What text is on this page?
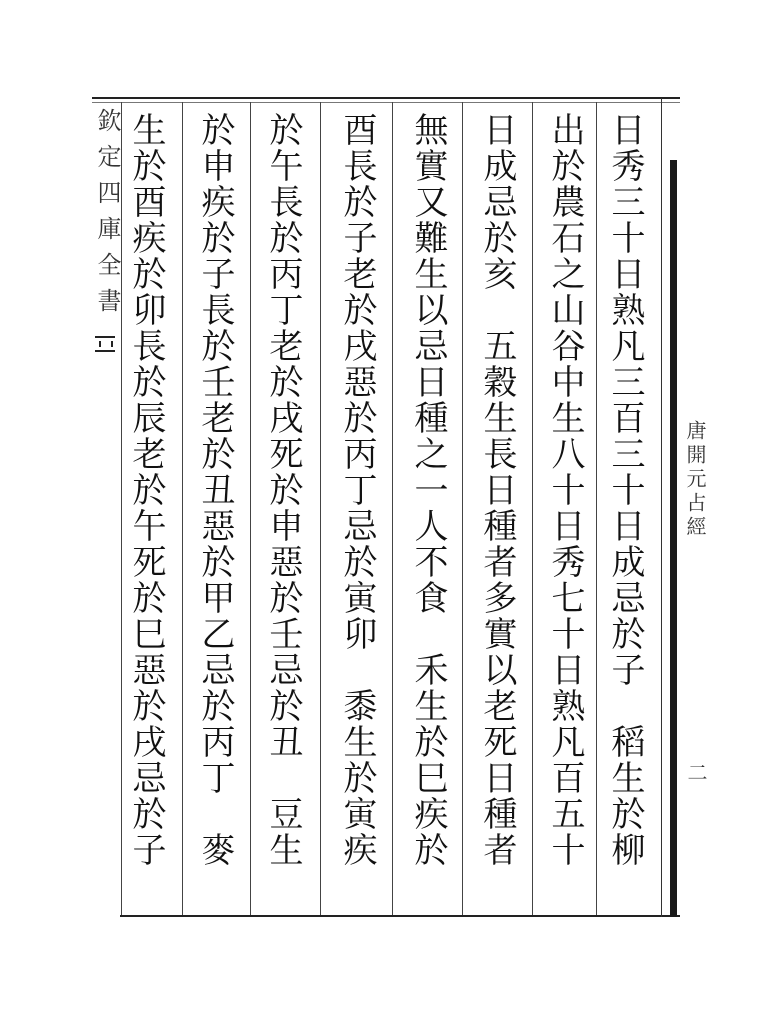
欽定四庫全書	日秀三十日熟凡三百三十日成忌於子　稻生於柳
出於農石之山谷中生八十日秀七十日熟凡百五十
日成忌於亥　五穀生長日種者多實以老死日種者
無實又難生以忌日種之一人不食　禾生於巳疾於
酉長於子老於戌惡於丙丁忌於寅卯　黍生於寅疾
於午長於丙丁老於戌死於申惡於壬忌於丑　豆生
於申疾於子長於壬老於丑惡於甲乙忌於丙丁　麥
生於酉疾於卯長於辰老於午死於巳惡於戌忌於子	唐開元占經
二
